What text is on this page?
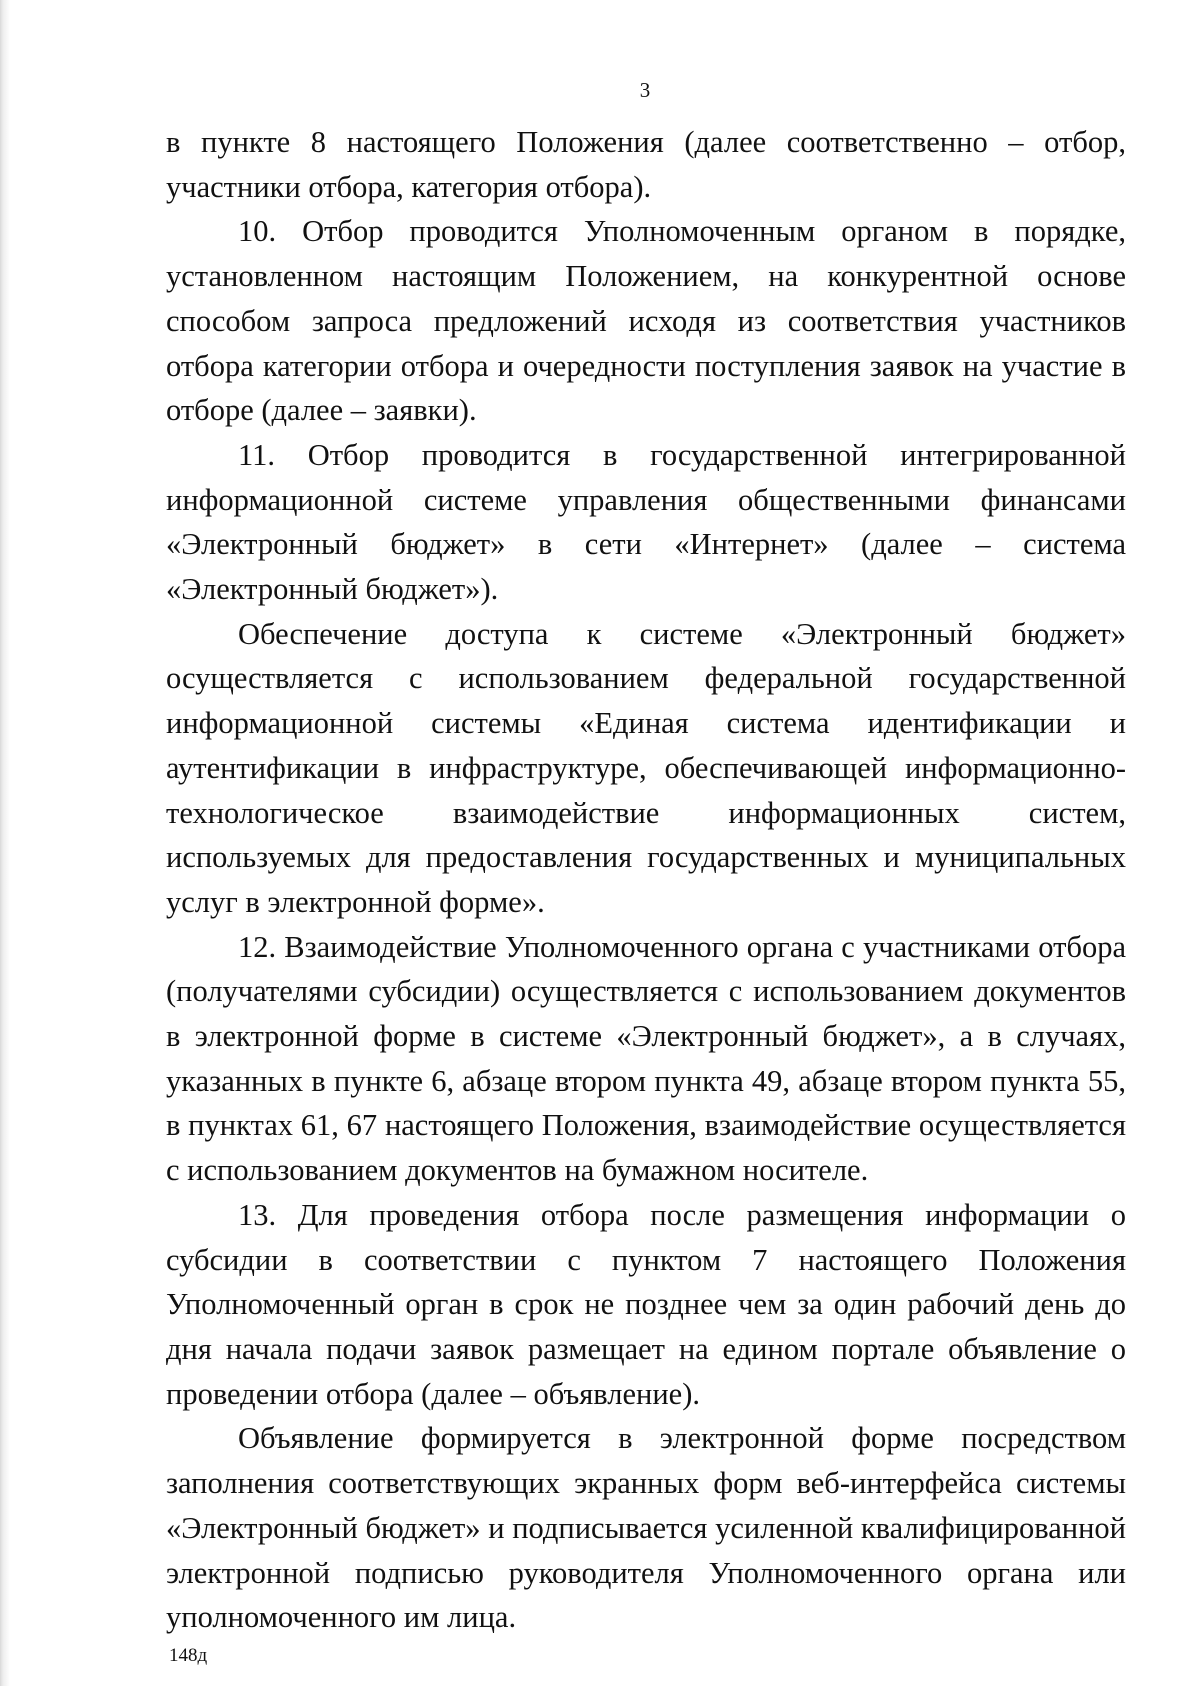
3

в пункте 8 настоящего Положения (далее соответственно – отбор, участники отбора, категория отбора).

10. Отбор проводится Уполномоченным органом в порядке, установленном настоящим Положением, на конкурентной основе способом запроса предложений исходя из соответствия участников отбора категории отбора и очередности поступления заявок на участие в отборе (далее – заявки).

11. Отбор проводится в государственной интегрированной информационной системе управления общественными финансами «Электронный бюджет» в сети «Интернет» (далее – система «Электронный бюджет»).

Обеспечение доступа к системе «Электронный бюджет» осуществляется с использованием федеральной государственной информационной системы «Единая система идентификации и аутентификации в инфраструктуре, обеспечивающей информационно-технологическое взаимодействие информационных систем, используемых для предоставления государственных и муниципальных услуг в электронной форме».

12. Взаимодействие Уполномоченного органа с участниками отбора (получателями субсидии) осуществляется с использованием документов в электронной форме в системе «Электронный бюджет», а в случаях, указанных в пункте 6, абзаце втором пункта 49, абзаце втором пункта 55, в пунктах 61, 67 настоящего Положения, взаимодействие осуществляется с использованием документов на бумажном носителе.

13. Для проведения отбора после размещения информации о субсидии в соответствии с пунктом 7 настоящего Положения Уполномоченный орган в срок не позднее чем за один рабочий день до дня начала подачи заявок размещает на едином портале объявление о проведении отбора (далее – объявление).

Объявление формируется в электронной форме посредством заполнения соответствующих экранных форм веб-интерфейса системы «Электронный бюджет» и подписывается усиленной квалифицированной электронной подписью руководителя Уполномоченного органа или уполномоченного им лица.

148д
